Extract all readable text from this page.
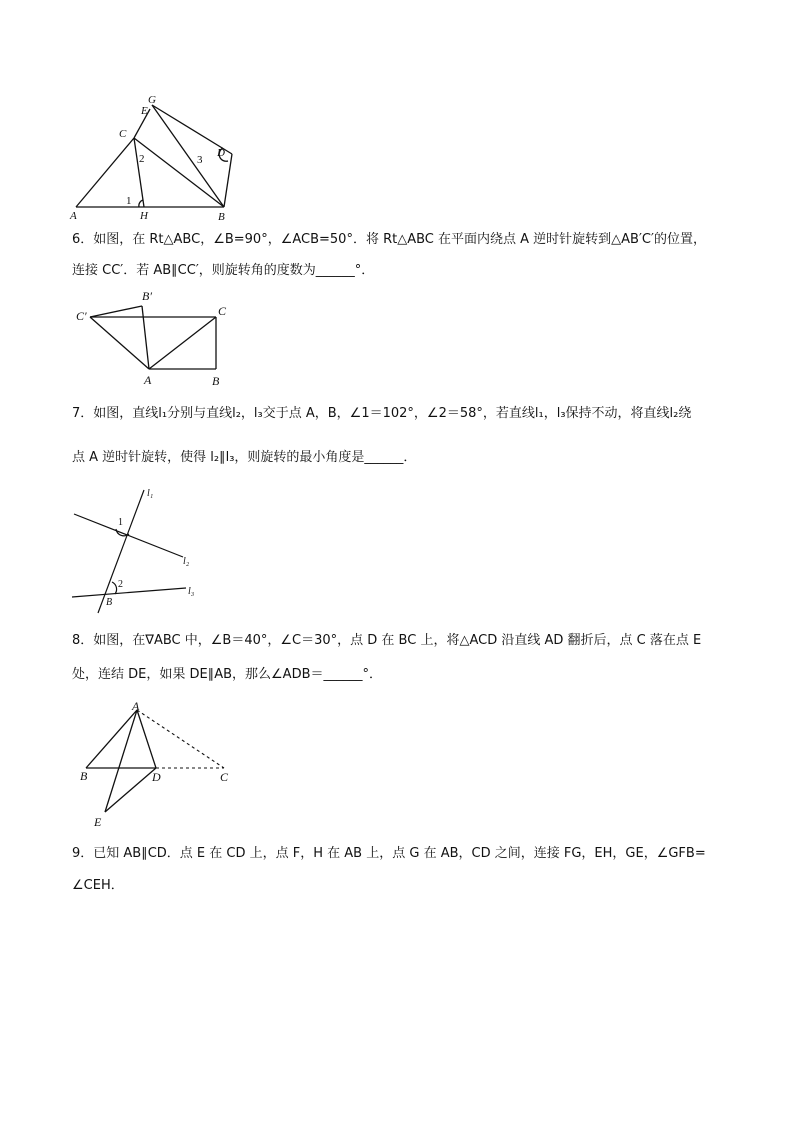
G
E
C
D
A	H	B
1
2	3
6．如图，在 Rt△ABC，∠B=90°，∠ACB=50°．将 Rt△ABC 在平面内绕点 A 逆时针旋转到△AB′C′的位置，
连接 CC′．若 AB∥CC′，则旋转角的度数为______°．
C′
B′
C
A	B
7．如图，直线l₁分别与直线l₂，l₃交于点 A，B，∠1＝102°，∠2＝58°，若直线l₁，l₃保持不动，将直线l₂绕
点 A 逆时针旋转，使得 l₂∥l₃，则旋转的最小角度是______．
l₁
l₂
l₃
1
2
B
8．如图，在∇ABC 中，∠B＝40°，∠C＝30°，点 D 在 BC 上，将△ACD 沿直线 AD 翻折后，点 C 落在点 E
处，连结 DE，如果 DE∥AB，那么∠ADB＝______°．
A
B	D	C
E
9．已知 AB∥CD．点 E 在 CD 上，点 F，H 在 AB 上，点 G 在 AB，CD 之间，连接 FG，EH，GE，∠GFB=
∠CEH．
